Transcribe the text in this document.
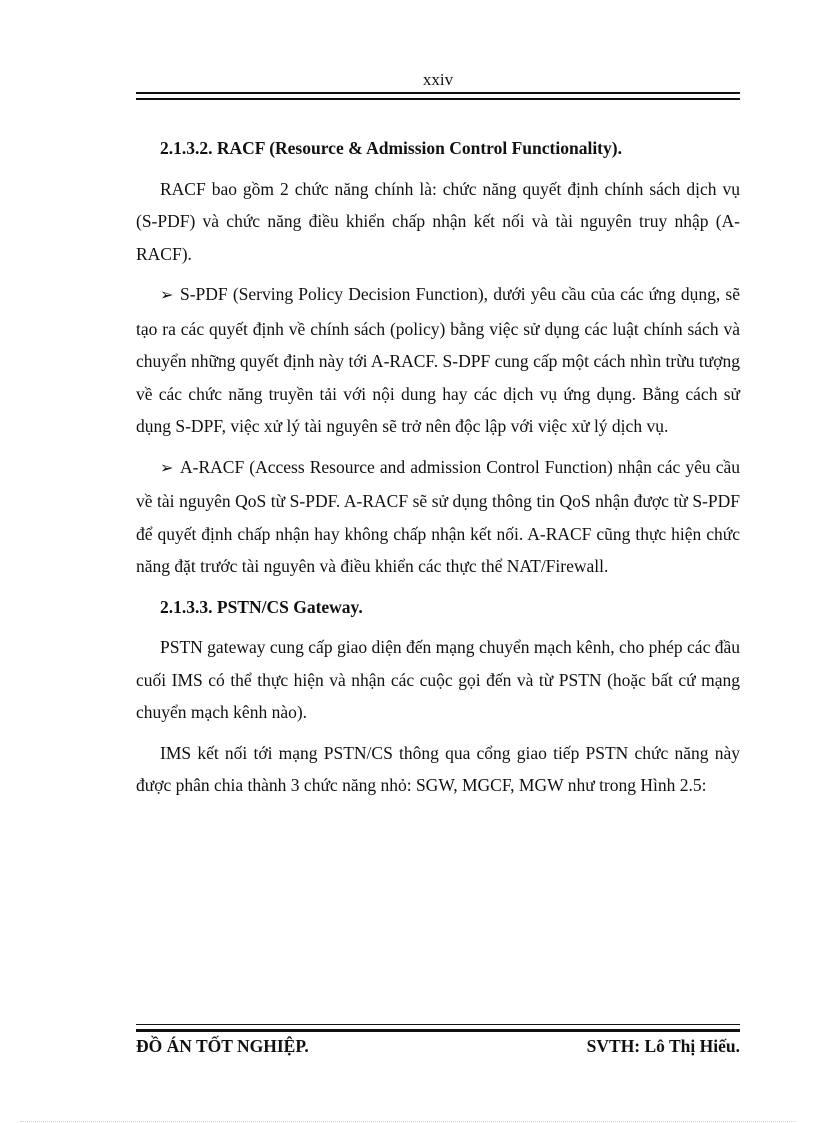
xxiv

2.1.3.2. RACF (Resource & Admission Control Functionality).

RACF bao gồm 2 chức năng chính là: chức năng quyết định chính sách dịch vụ (S-PDF) và chức năng điều khiển chấp nhận kết nối và tài nguyên truy nhập (A-RACF).

➢ S-PDF (Serving Policy Decision Function), dưới yêu cầu của các ứng dụng, sẽ tạo ra các quyết định về chính sách (policy) bằng việc sử dụng các luật chính sách và chuyển những quyết định này tới A-RACF. S-DPF cung cấp một cách nhìn trừu tượng về các chức năng truyền tải với nội dung hay các dịch vụ ứng dụng. Bằng cách sử dụng S-DPF, việc xử lý tài nguyên sẽ trở nên độc lập với việc xử lý dịch vụ.

➢ A-RACF (Access Resource and admission Control Function) nhận các yêu cầu về tài nguyên QoS từ S-PDF. A-RACF sẽ sử dụng thông tin QoS nhận được từ S-PDF để quyết định chấp nhận hay không chấp nhận kết nối. A-RACF cũng thực hiện chức năng đặt trước tài nguyên và điều khiển các thực thể NAT/Firewall.

2.1.3.3. PSTN/CS Gateway.

PSTN gateway cung cấp giao diện đến mạng chuyển mạch kênh, cho phép các đầu cuối IMS có thể thực hiện và nhận các cuộc gọi đến và từ PSTN (hoặc bất cứ mạng chuyển mạch kênh nào).

IMS kết nối tới mạng PSTN/CS thông qua cổng giao tiếp PSTN chức năng này được phân chia thành 3 chức năng nhỏ: SGW, MGCF, MGW như trong Hình 2.5:

ĐỒ ÁN TỐT NGHIỆP.	SVTH: Lô Thị Hiếu.
